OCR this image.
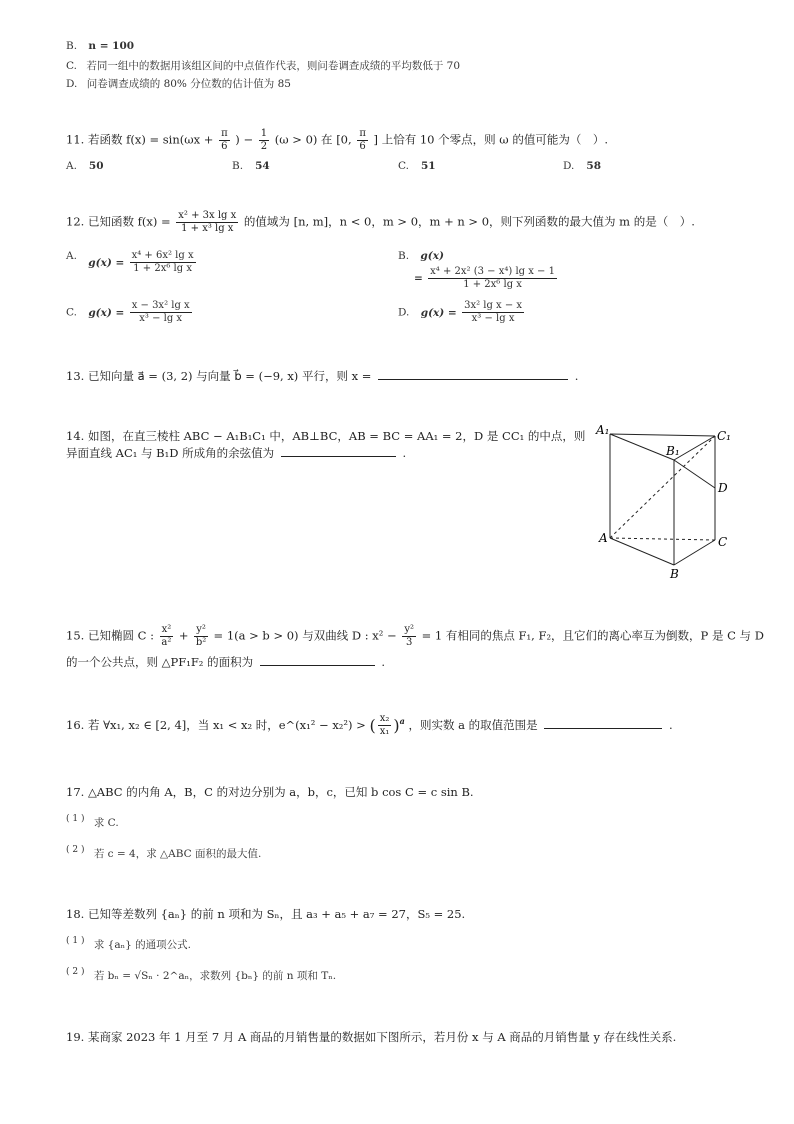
B. n = 100
C. 若同一组中的数据用该组区间的中点值作代表，则问卷调查成绩的平均数低于 70
D. 问卷调查成绩的 80% 分位数的估计值为 85
11. 若函数 $f(x) = \sin(\omega x + \frac{\pi}{6}$ ) − $\frac{1}{2} (\omega > 0)$ 在 [0, $\frac{\pi}{6}$ ] 上恰有 10 个零点，则 ω 的值可能为（　）.
A. 50	B. 54	C. 51	D. 58
12. 已知函数 $f(x) = \frac{\text{x² + 3x lg x}}{\text{1 + x³ lg x}}$ 的值域为 [n, m]，n < 0，m > 0，m + n > 0，则下列函数的最大值为 m 的是（　）.
A. $g(x) = \frac{\text{x⁴ + 6x² lg x}}{\text{1 + 2x⁶ lg x}}$	B. g(x)
= $\frac{\text{x⁴ + 2x² (3 − x⁴) lg x − 1}}{\text{1 + 2x⁶ lg x}}$
C. $g(x) = \frac{\text{x − 3x² lg x}}{\text{x³ − lg x}}$	D. $g(x) = \frac{\text{3x² lg x − x}}{\text{x³ − lg x}}$
13. 已知向量 a⃗ = (3, 2) 与向量 b⃗ = (−9, x) 平行，则 x =	.
14. 如图，在直三棱柱 ABC − A₁B₁C₁ 中，AB⊥BC，AB = BC = AA₁ = 2，D 是 CC₁ 的中点，则
异面直线 AC₁ 与 B₁D 所成角的余弦值为	.
A₁
B₁
C₁
D
A	C
B
15. 已知椭圆 C : $\frac{\text{x²}}{\text{a²}} + \frac{\text{y²}}{\text{b²}} = 1(a > b > 0)$ 与双曲线 D : $x^2 - \frac{\text{y²}}{3} = 1$ 有相同的焦点 F₁, F₂，且它们的离心率互为倒数，P 是 C 与 D
的一个公共点，则 △PF₁F₂ 的面积为	.
16. 若 ∀x₁, x₂ ∈ [2, 4]，当 x₁ < x₂ 时，e^(x₁² − x₂²) > ( $\frac{\text{x₂}}{\text{x₁}} )^a$ ，则实数 a 的取值范围是	.
17. △ABC 的内角 A，B，C 的对边分别为 a，b，c，已知 b cos C = c sin B.
( 1 ) 求 C.
( 2 ) 若 c = 4，求 △ABC 面积的最大值.
18. 已知等差数列 {aₙ} 的前 n 项和为 Sₙ，且 a₃ + a₅ + a₇ = 27，S₅ = 25.
( 1 ) 求 {aₙ} 的通项公式.
( 2 ) 若 bₙ = √Sₙ · 2^aₙ，求数列 {bₙ} 的前 n 项和 Tₙ.
19. 某商家 2023 年 1 月至 7 月 A 商品的月销售量的数据如下图所示，若月份 x 与 A 商品的月销售量 y 存在线性关系.
